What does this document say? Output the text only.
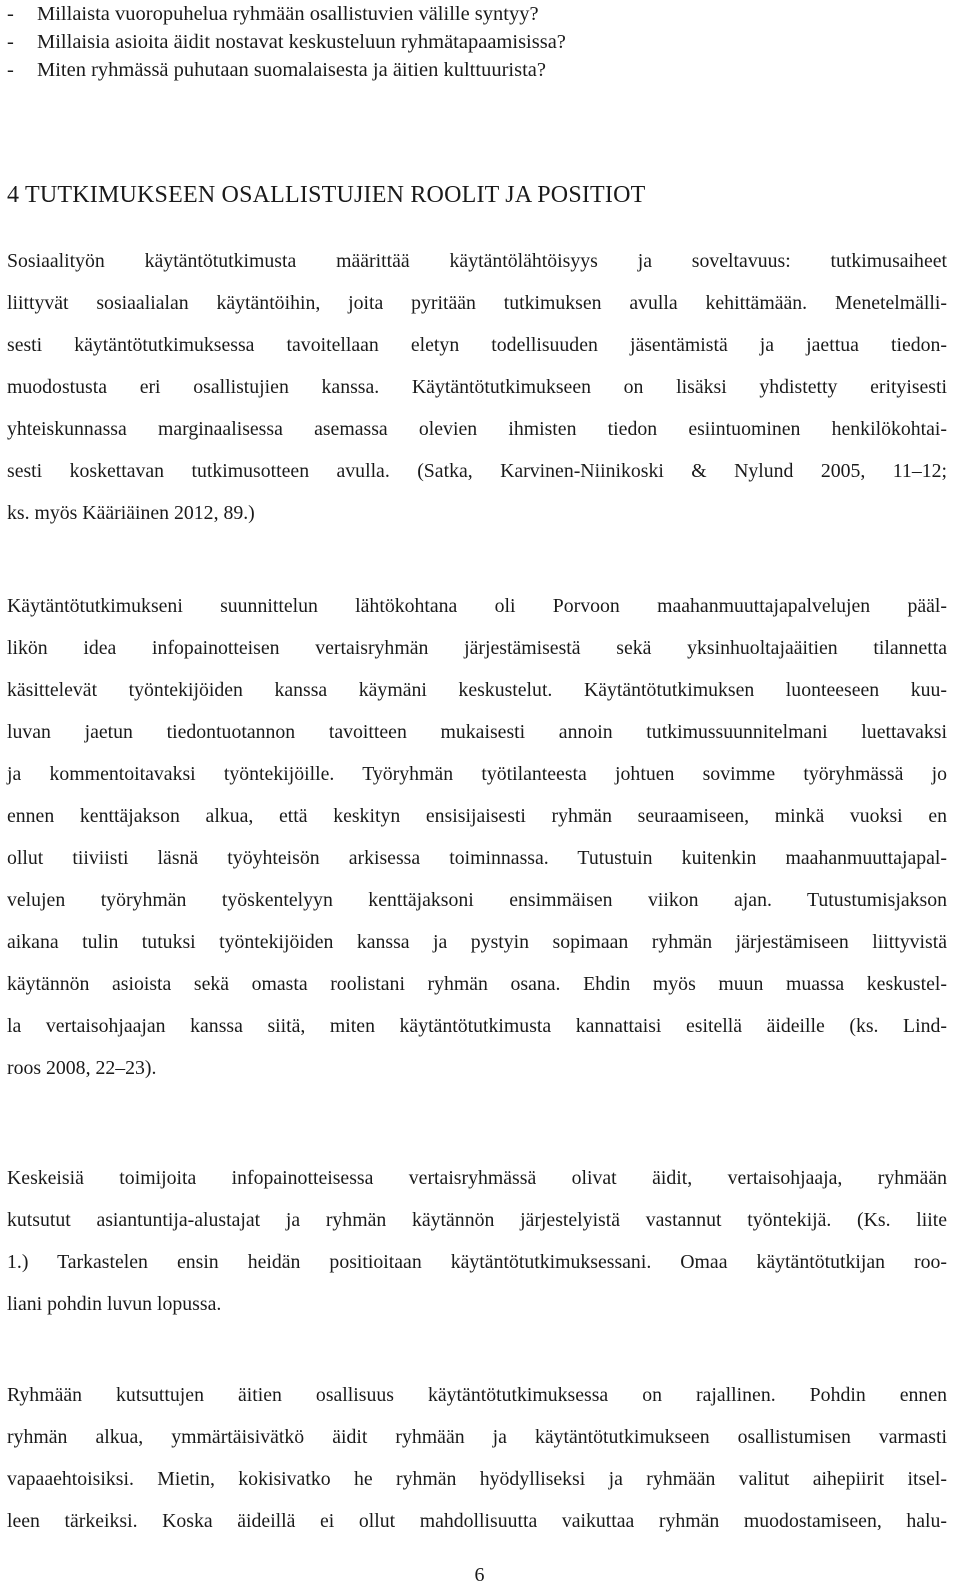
- Millaista vuoropuhelua ryhmään osallistuvien välille syntyy?
- Millaisia asioita äidit nostavat keskusteluun ryhmätapaamisissa?
- Miten ryhmässä puhutaan suomalaisesta ja äitien kulttuurista?
4 TUTKIMUKSEEN OSALLISTUJIEN ROOLIT JA POSITIOT

Sosiaalityön käytäntötutkimusta määrittää käytäntölähtöisyys ja soveltavuus: tutkimusaiheet
liittyvät sosiaalialan käytäntöihin, joita pyritään tutkimuksen avulla kehittämään. Menetelmälli-
sesti käytäntötutkimuksessa tavoitellaan eletyn todellisuuden jäsentämistä ja jaettua tiedon-
muodostusta eri osallistujien kanssa. Käytäntötutkimukseen on lisäksi yhdistetty erityisesti
yhteiskunnassa marginaalisessa asemassa olevien ihmisten tiedon esiintuominen henkilökohtai-
sesti koskettavan tutkimusotteen avulla. (Satka, Karvinen-Niinikoski & Nylund 2005, 11–12;
ks. myös Kääriäinen 2012, 89.)

Käytäntötutkimukseni suunnittelun lähtökohtana oli Porvoon maahanmuuttajapalvelujen pääl-
likön idea infopainotteisen vertaisryhmän järjestämisestä sekä yksinhuoltajaäitien tilannetta
käsittelevät työntekijöiden kanssa käymäni keskustelut. Käytäntötutkimuksen luonteeseen kuu-
luvan jaetun tiedontuotannon tavoitteen mukaisesti annoin tutkimussuunnitelmani luettavaksi
ja kommentoitavaksi työntekijöille. Työryhmän työtilanteesta johtuen sovimme työryhmässä jo
ennen kenttäjakson alkua, että keskityn ensisijaisesti ryhmän seuraamiseen, minkä vuoksi en
ollut tiiviisti läsnä työyhteisön arkisessa toiminnassa. Tutustuin kuitenkin maahanmuuttajapal-
velujen työryhmän työskentelyyn kenttäjaksoni ensimmäisen viikon ajan. Tutustumisjakson
aikana tulin tutuksi työntekijöiden kanssa ja pystyin sopimaan ryhmän järjestämiseen liittyvistä
käytännön asioista sekä omasta roolistani ryhmän osana. Ehdin myös muun muassa keskustel-
la vertaisohjaajan kanssa siitä, miten käytäntötutkimusta kannattaisi esitellä äideille (ks. Lind-
roos 2008, 22–23).

Keskeisiä toimijoita infopainotteisessa vertaisryhmässä olivat äidit, vertaisohjaaja, ryhmään
kutsutut asiantuntija-alustajat ja ryhmän käytännön järjestelyistä vastannut työntekijä. (Ks. liite
1.) Tarkastelen ensin heidän positioitaan käytäntötutkimuksessani. Omaa käytäntötutkijan roo-
liani pohdin luvun lopussa.

Ryhmään kutsuttujen äitien osallisuus käytäntötutkimuksessa on rajallinen. Pohdin ennen
ryhmän alkua, ymmärtäisivätkö äidit ryhmään ja käytäntötutkimukseen osallistumisen varmasti
vapaaehtoisiksi. Mietin, kokisivatko he ryhmän hyödylliseksi ja ryhmään valitut aihepiirit itsel-
leen tärkeiksi. Koska äideillä ei ollut mahdollisuutta vaikuttaa ryhmän muodostamiseen, halu-

6
